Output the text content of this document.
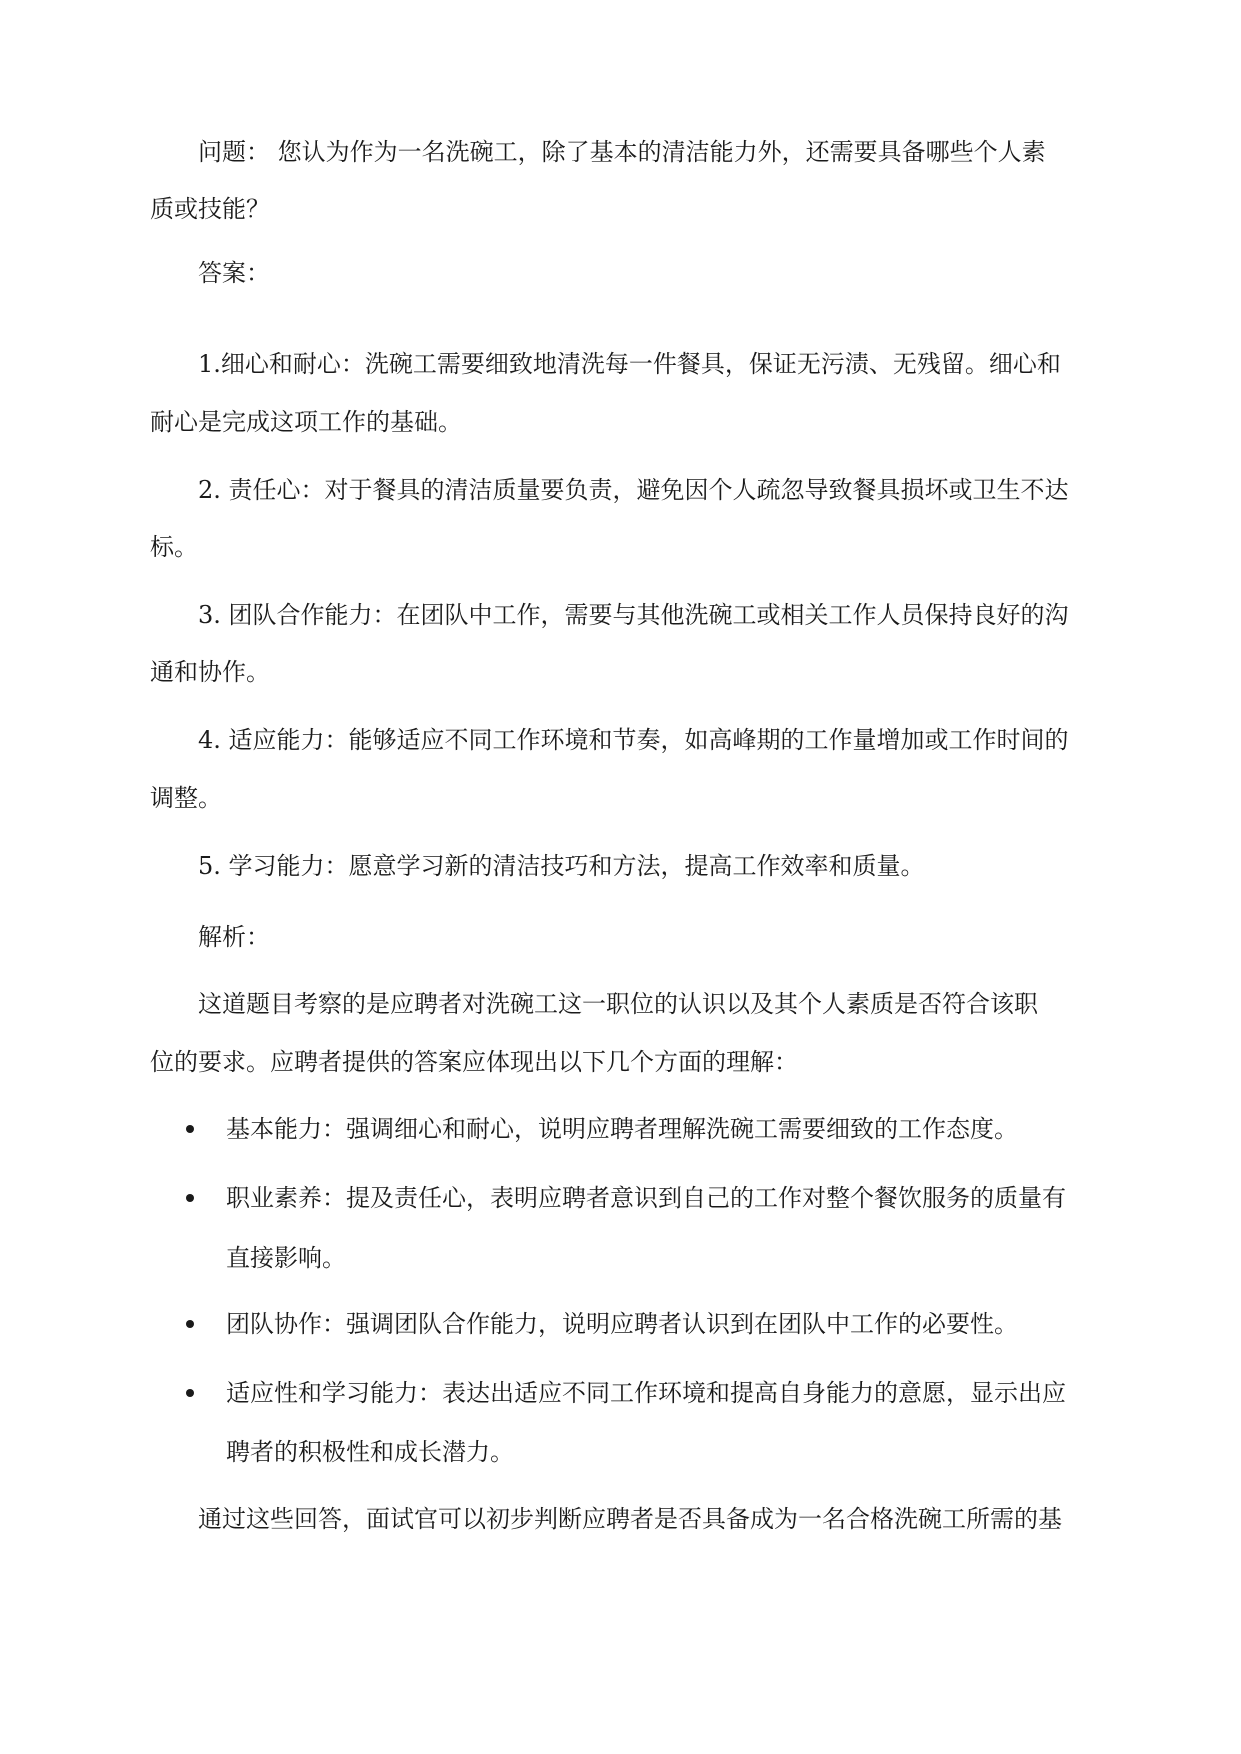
问题： 您认为作为一名洗碗工，除了基本的清洁能力外，还需要具备哪些个人素
质或技能？
答案：
1.细心和耐心：洗碗工需要细致地清洗每一件餐具，保证无污渍、无残留。细心和
耐心是完成这项工作的基础。
2. 责任心：对于餐具的清洁质量要负责，避免因个人疏忽导致餐具损坏或卫生不达
标。
3. 团队合作能力：在团队中工作，需要与其他洗碗工或相关工作人员保持良好的沟
通和协作。
4. 适应能力：能够适应不同工作环境和节奏，如高峰期的工作量增加或工作时间的
调整。
5. 学习能力：愿意学习新的清洁技巧和方法，提高工作效率和质量。
解析：
这道题目考察的是应聘者对洗碗工这一职位的认识以及其个人素质是否符合该职
位的要求。应聘者提供的答案应体现出以下几个方面的理解：
基本能力：强调细心和耐心，说明应聘者理解洗碗工需要细致的工作态度。
职业素养：提及责任心，表明应聘者意识到自己的工作对整个餐饮服务的质量有
直接影响。
团队协作：强调团队合作能力，说明应聘者认识到在团队中工作的必要性。
适应性和学习能力：表达出适应不同工作环境和提高自身能力的意愿，显示出应
聘者的积极性和成长潜力。
通过这些回答，面试官可以初步判断应聘者是否具备成为一名合格洗碗工所需的基
